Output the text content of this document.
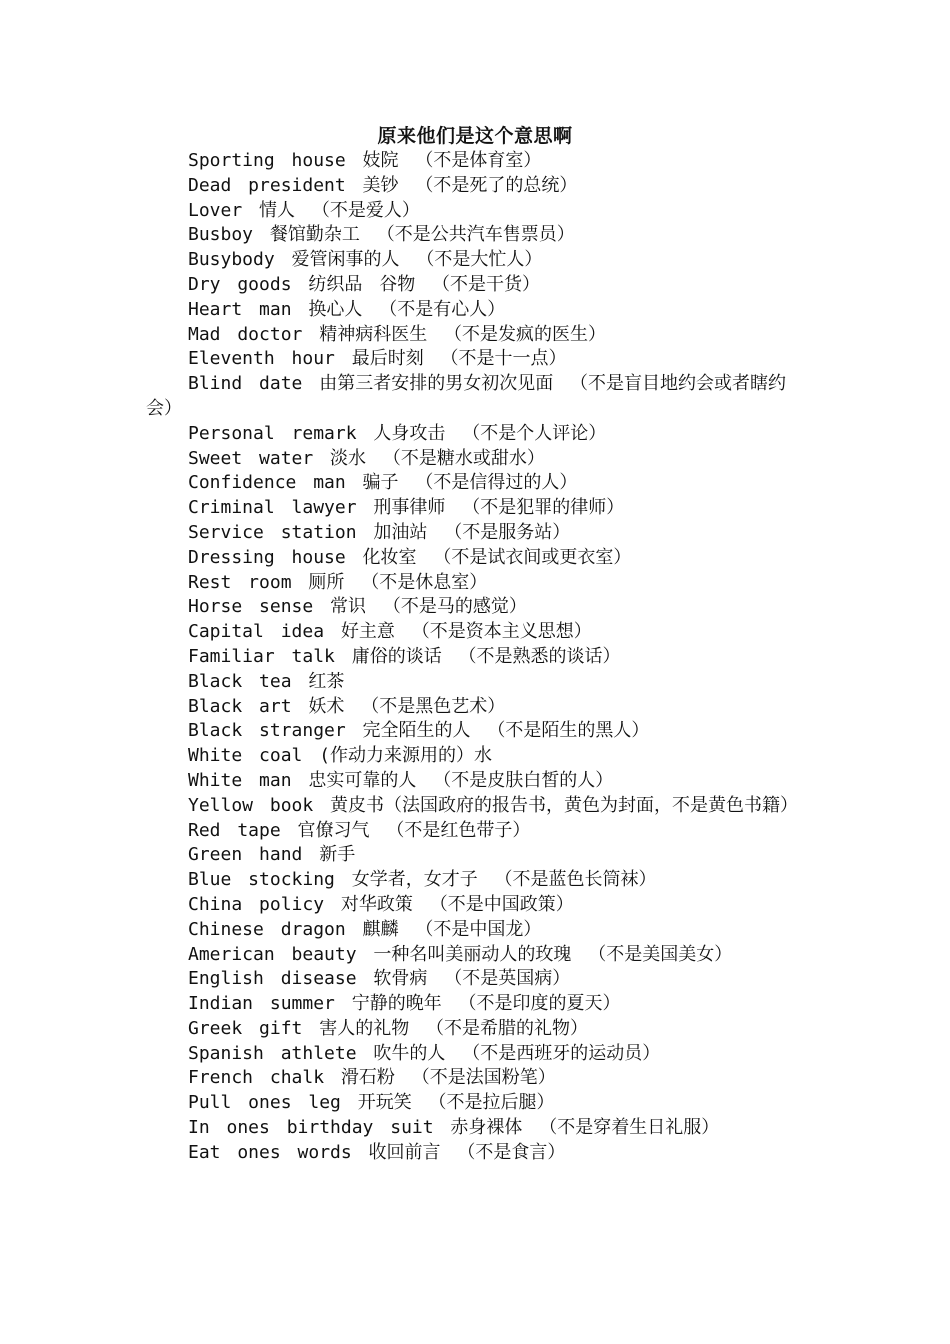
原来他们是这个意思啊

Sporting house 妓院 （不是体育室）

Dead president 美钞 （不是死了的总统）

Lover 情人 （不是爱人）

Busboy 餐馆勤杂工 （不是公共汽车售票员）

Busybody 爱管闲事的人 （不是大忙人）

Dry goods 纺织品 谷物 （不是干货）

Heart man 换心人 （不是有心人）

Mad doctor 精神病科医生 （不是发疯的医生）

Eleventh hour 最后时刻 （不是十一点）

Blind date 由第三者安排的男女初次见面 （不是盲目地约会或者瞎约会）

Personal remark 人身攻击 （不是个人评论）

Sweet water 淡水 （不是糖水或甜水）

Confidence man 骗子 （不是信得过的人）

Criminal lawyer 刑事律师 （不是犯罪的律师）

Service station 加油站 （不是服务站）

Dressing house 化妆室 （不是试衣间或更衣室）

Rest room 厕所 （不是休息室）

Horse sense 常识 （不是马的感觉）

Capital idea 好主意 （不是资本主义思想）

Familiar talk 庸俗的谈话 （不是熟悉的谈话）

Black tea 红茶

Black art 妖术 （不是黑色艺术）

Black stranger 完全陌生的人 （不是陌生的黑人）

White coal (作动力来源用的）水

White man 忠实可靠的人 （不是皮肤白皙的人）

Yellow book 黄皮书（法国政府的报告书，黄色为封面，不是黄色书籍）

Red tape 官僚习气 （不是红色带子）

Green hand 新手

Blue stocking 女学者，女才子 （不是蓝色长筒袜）

China policy 对华政策 （不是中国政策）

Chinese dragon 麒麟 （不是中国龙）

American beauty 一种名叫美丽动人的玫瑰 （不是美国美女）

English disease 软骨病 （不是英国病）

Indian summer 宁静的晚年 （不是印度的夏天）

Greek gift 害人的礼物 （不是希腊的礼物）

Spanish athlete 吹牛的人 （不是西班牙的运动员）

French chalk 滑石粉 （不是法国粉笔）

Pull ones leg 开玩笑 （不是拉后腿）

In ones birthday suit 赤身裸体 （不是穿着生日礼服）

Eat ones words 收回前言 （不是食言）
